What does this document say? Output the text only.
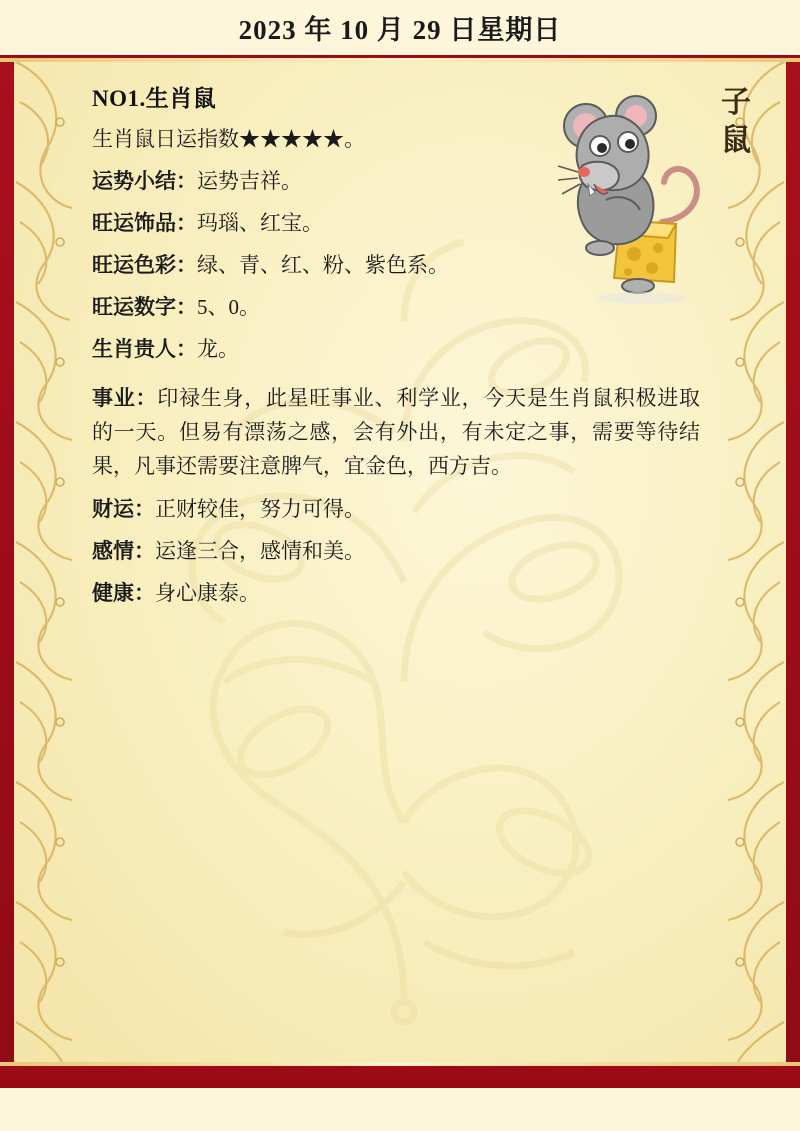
2023 年 10 月 29 日星期日
子鼠
NO1.生肖鼠

生肖鼠日运指数★★★★★。

运势小结：运势吉祥。

旺运饰品：玛瑙、红宝。

旺运色彩：绿、青、红、粉、紫色系。

旺运数字：5、0。

生肖贵人：龙。

事业：印禄生身，此星旺事业、利学业，今天是生肖鼠积极进取的一天。但易有漂荡之感，会有外出，有未定之事，需要等待结果，凡事还需要注意脾气，宜金色，西方吉。

财运：正财较佳，努力可得。

感情：运逢三合，感情和美。

健康：身心康泰。
